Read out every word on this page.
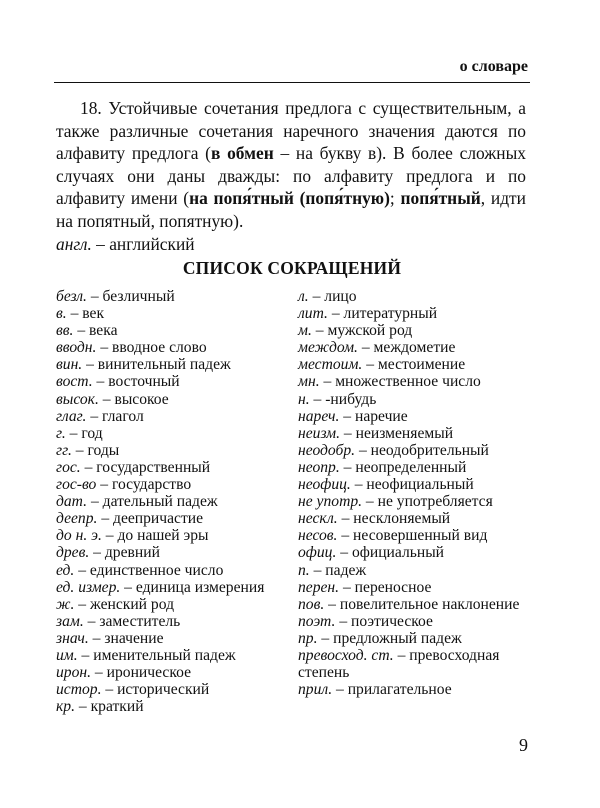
о словаре
18. Устойчивые сочетания предлога с существительным, а также различные сочетания наречного значения даются по алфавиту предлога (в обмен – на букву в). В более сложных случаях они даны дважды: по алфавиту предлога и по алфавиту имени (на попя́тный (попя́тную); попя́тный, идти на попятный, попятную).
англ. – английский
СПИСОК СОКРАЩЕНИЙ
безл. – безличный
в. – век
вв. – века
вводн. – вводное слово
вин. – винительный падеж
вост. – восточный
высок. – высокое
глаг. – глагол
г. – год
гг. – годы
гос. – государственный
гос-во – государство
дат. – дательный падеж
деепр. – деепричастие
до н. э. – до нашей эры
древ. – древний
ед. – единственное число
ед. измер. – единица измерения
ж. – женский род
зам. – заместитель
знач. – значение
им. – именительный падеж
ирон. – ироническое
истор. – исторический
кр. – краткий
л. – лицо
лит. – литературный
м. – мужской род
междом. – междометие
местоим. – местоимение
мн. – множественное число
н. – -нибудь
нареч. – наречие
неизм. – неизменяемый
неодобр. – неодобрительный
неопр. – неопределенный
неофиц. – неофициальный
не употр. – не употребляется
нескл. – несклоняемый
несов. – несовершенный вид
офиц. – официальный
п. – падеж
перен. – переносное
пов. – повелительное наклонение
поэт. – поэтическое
пр. – предложный падеж
превосход. ст. – превосходная степень
прил. – прилагательное
9
